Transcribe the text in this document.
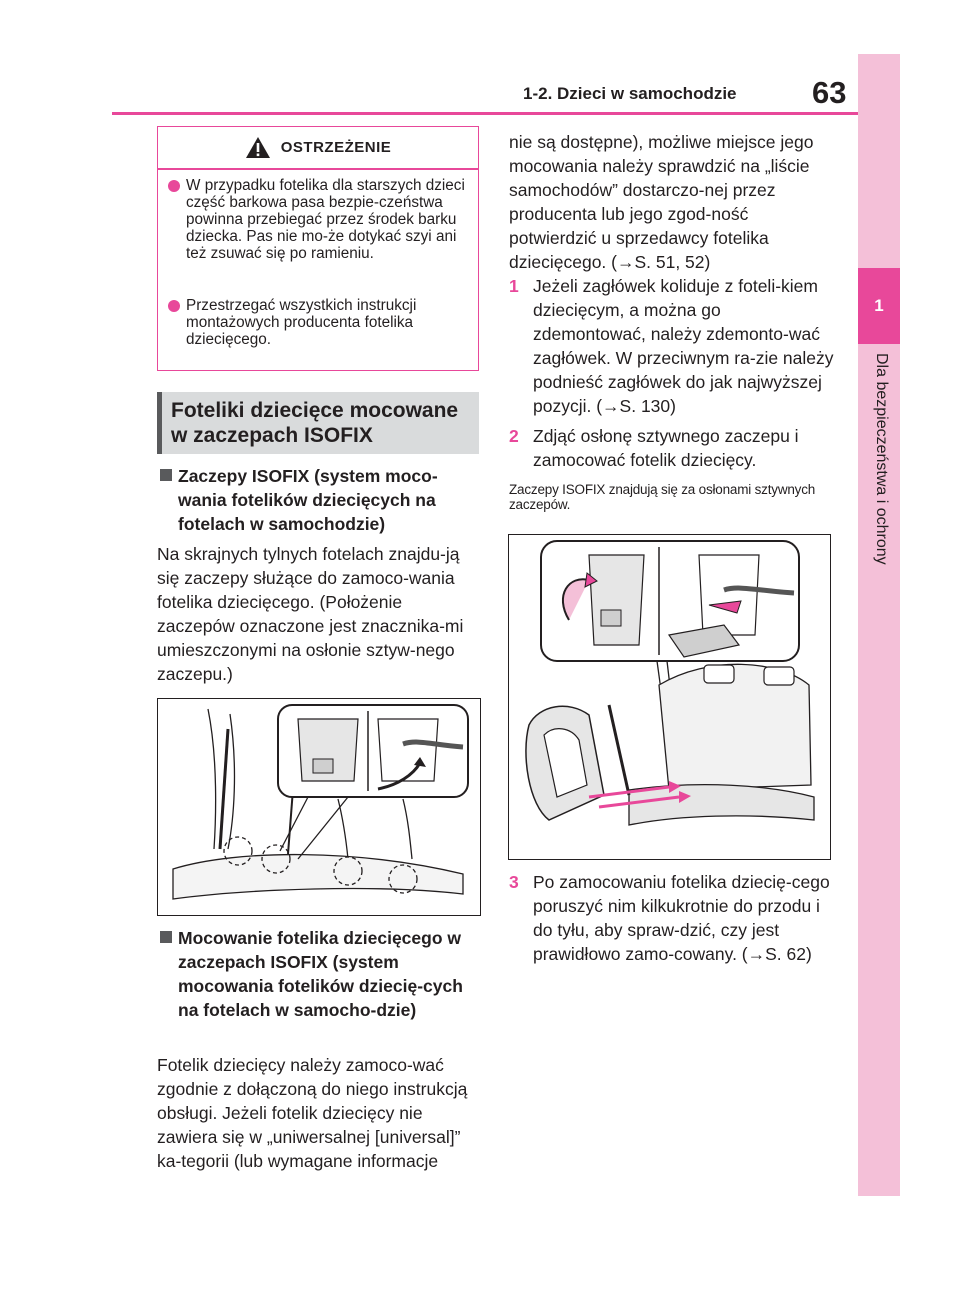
1-2. Dzieci w samochodzie 63
1
Dla bezpieczeństwa i ochrony
OSTRZEŻENIE
W przypadku fotelika dla starszych dzieci część barkowa pasa bezpie-czeństwa powinna przebiegać przez środek barku dziecka. Pas nie mo-że dotykać szyi ani też zsuwać się po ramieniu.
Przestrzegać wszystkich instrukcji montażowych producenta fotelika dziecięcego.
Foteliki dziecięce mocowane w zaczepach ISOFIX
Zaczepy ISOFIX (system moco-wania fotelików dziecięcych na fotelach w samochodzie)
Na skrajnych tylnych fotelach znajdu-ją się zaczepy służące do zamoco-wania fotelika dziecięcego. (Położenie zaczepów oznaczone jest znacznika-mi umieszczonymi na osłonie sztyw-nego zaczepu.)
Mocowanie fotelika dziecięcego w zaczepach ISOFIX (system mocowania fotelików dziecię-cych na fotelach w samocho-dzie)
Fotelik dziecięcy należy zamoco-wać zgodnie z dołączoną do niego instrukcją obsługi. Jeżeli fotelik dziecięcy nie zawiera się w „uniwersalnej [universal]” ka-tegorii (lub wymagane informacje
nie są dostępne), możliwe miejsce jego mocowania należy sprawdzić na „liście samochodów” dostarczo-nej przez producenta lub jego zgod-ność potwierdzić u sprzedawcy fotelika dziecięcego. (→S. 51, 52)
1 Jeżeli zagłówek koliduje z foteli-kiem dziecięcym, a można go zdemontować, należy zdemonto-wać zagłówek. W przeciwnym ra-zie należy podnieść zagłówek do jak najwyższej pozycji. (→S. 130)
2 Zdjąć osłonę sztywnego zaczepu i zamocować fotelik dziecięcy.
Zaczepy ISOFIX znajdują się za osłonami sztywnych zaczepów.
3 Po zamocowaniu fotelika dziecię-cego poruszyć nim kilkukrotnie do przodu i do tyłu, aby spraw-dzić, czy jest prawidłowo zamo-cowany. (→S. 62)
